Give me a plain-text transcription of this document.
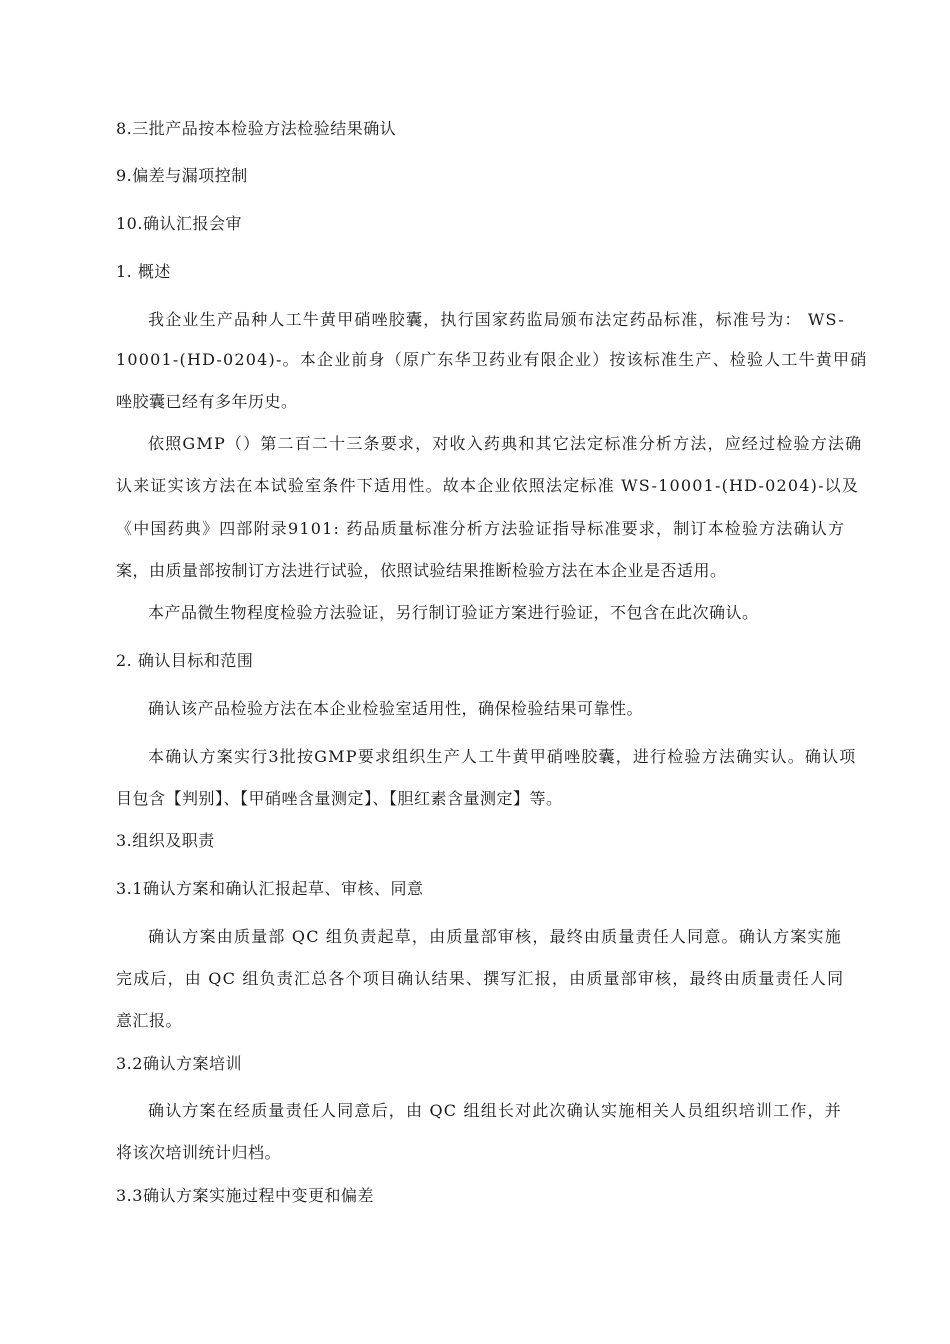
8.三批产品按本检验方法检验结果确认
9.偏差与漏项控制
10.确认汇报会审
1. 概述
我企业生产品种人工牛黄甲硝唑胶囊，执行国家药监局颁布法定药品标准，标准号为： WS-
10001-(HD-0204)-。本企业前身（原广东华卫药业有限企业）按该标准生产、检验人工牛黄甲硝
唑胶囊已经有多年历史。
依照GMP（）第二百二十三条要求，对收入药典和其它法定标准分析方法，应经过检验方法确
认来证实该方法在本试验室条件下适用性。故本企业依照法定标准 WS-10001-(HD-0204)-以及
《中国药典》四部附录9101: 药品质量标准分析方法验证指导标准要求，制订本检验方法确认方
案，由质量部按制订方法进行试验，依照试验结果推断检验方法在本企业是否适用。
本产品微生物程度检验方法验证，另行制订验证方案进行验证，不包含在此次确认。
2. 确认目标和范围
确认该产品检验方法在本企业检验室适用性，确保检验结果可靠性。
本确认方案实行3批按GMP要求组织生产人工牛黄甲硝唑胶囊，进行检验方法确实认。确认项
目包含【判别】、【甲硝唑含量测定】、【胆红素含量测定】等。
3.组织及职责
3.1确认方案和确认汇报起草、审核、同意
确认方案由质量部 QC 组负责起草，由质量部审核，最终由质量责任人同意。确认方案实施
完成后，由 QC 组负责汇总各个项目确认结果、撰写汇报，由质量部审核，最终由质量责任人同
意汇报。
3.2确认方案培训
确认方案在经质量责任人同意后，由 QC 组组长对此次确认实施相关人员组织培训工作，并
将该次培训统计归档。
3.3确认方案实施过程中变更和偏差
